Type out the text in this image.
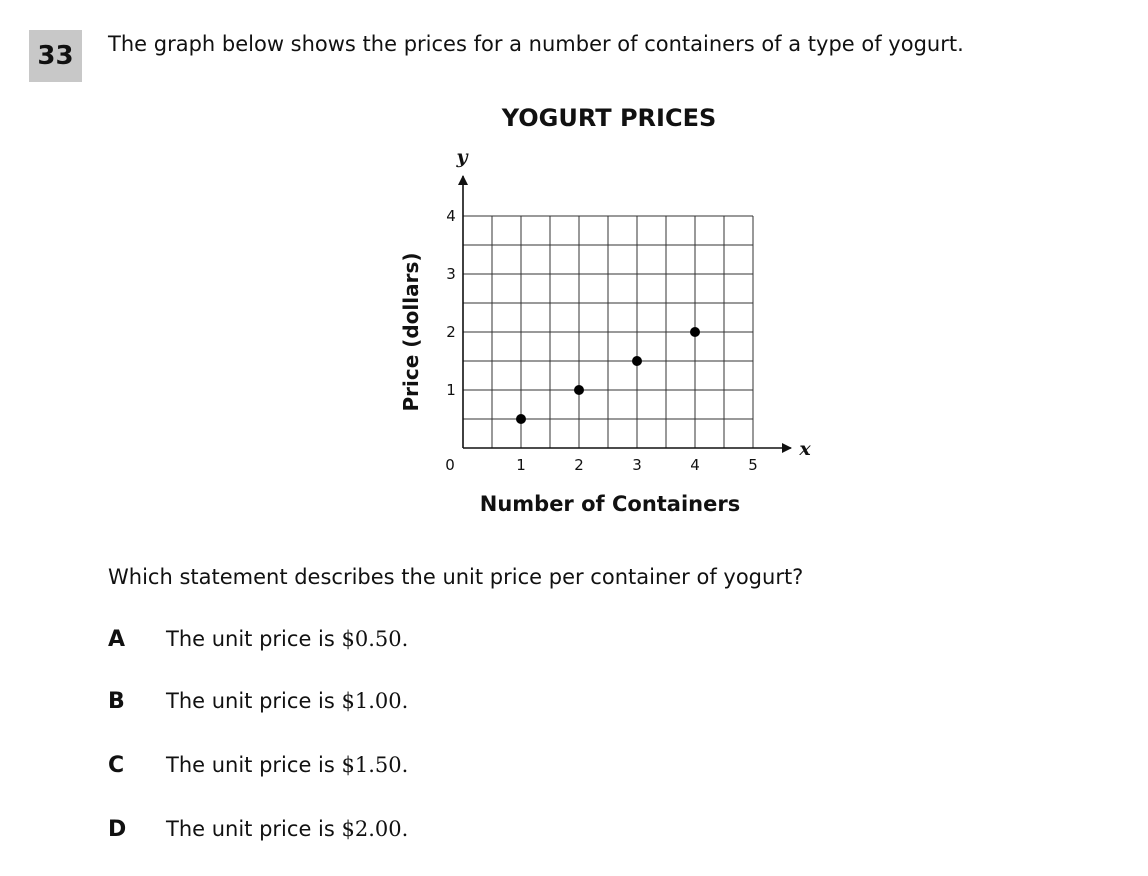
33	The graph below shows the prices for a number of containers of a type of yogurt.
YOGURT PRICES
1	2	3	4	5
1
2
3
4
Price (dollars)
Number of Containers
y
x
0
Which statement describes the unit price per container of yogurt?
A	The unit price is $0.50.
B	The unit price is $1.00.
C	The unit price is $1.50.
D	The unit price is $2.00.
